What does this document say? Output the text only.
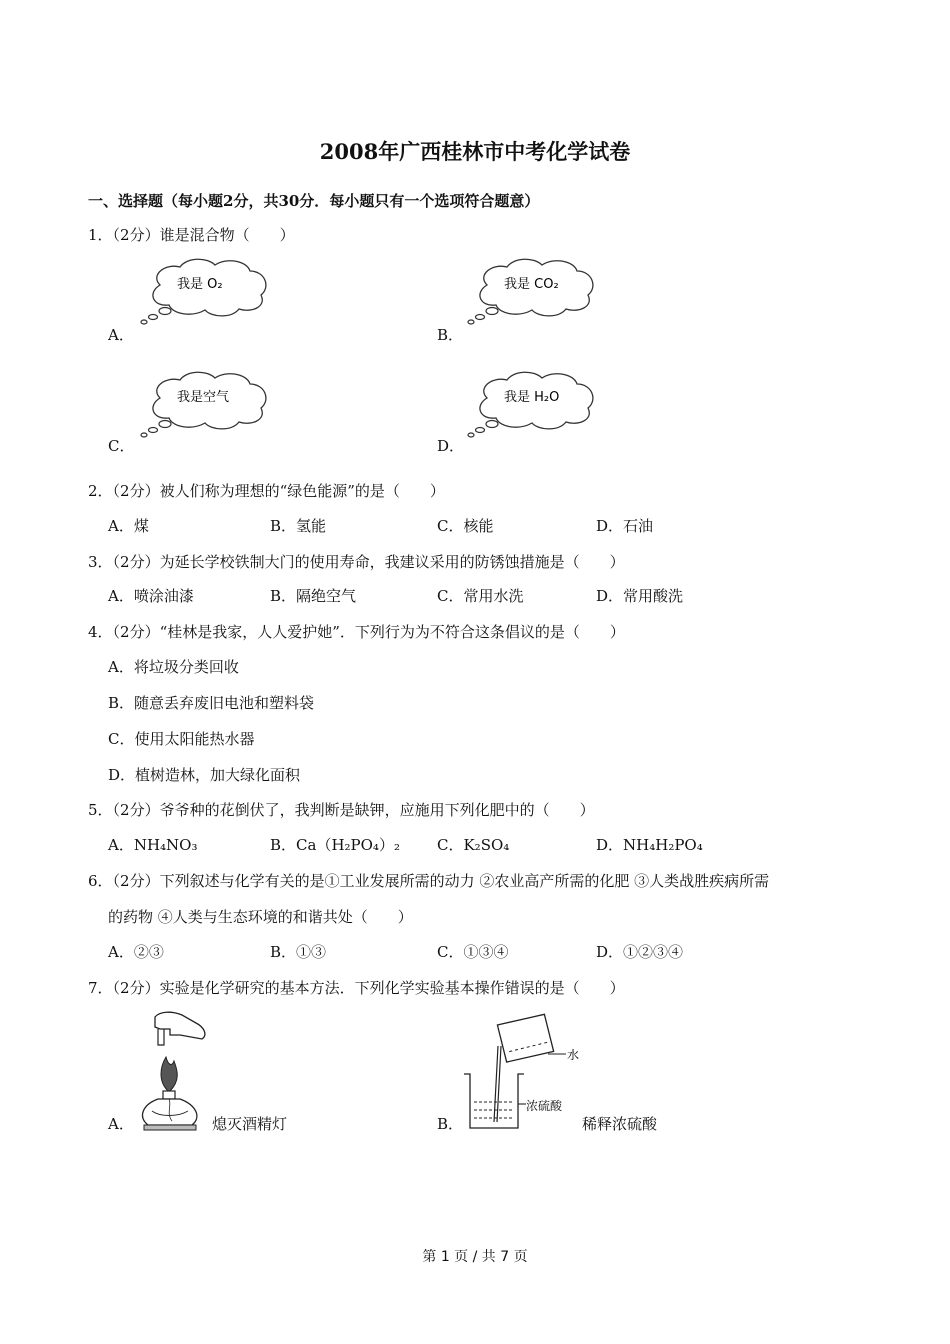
2008年广西桂林市中考化学试卷
一、选择题（每小题2分，共30分．每小题只有一个选项符合题意）
1．（2分）谁是混合物（　　）
A．
我是 O₂
B．
我是 CO₂
C．
我是空气
D．
我是 H₂O
2．（2分）被人们称为理想的“绿色能源”的是（　　）
A．煤	B．氢能	C．核能	D．石油
3．（2分）为延长学校铁制大门的使用寿命，我建议采用的防锈蚀措施是（　　）
A．喷涂油漆	B．隔绝空气	C．常用水洗	D．常用酸洗
4．（2分）“桂林是我家，人人爱护她”．下列行为为不符合这条倡议的是（　　）
A．将垃圾分类回收
B．随意丢弃废旧电池和塑料袋
C．使用太阳能热水器
D．植树造林，加大绿化面积
5．（2分）爷爷种的花倒伏了，我判断是缺钾，应施用下列化肥中的（　　）
A．NH₄NO₃	B．Ca（H₂PO₄）₂ C．K₂SO₄	D．NH₄H₂PO₄
6．（2分）下列叙述与化学有关的是①工业发展所需的动力 ②农业高产所需的化肥 ③人类战胜疾病所需
的药物 ④人类与生态环境的和谐共处（　　）
A．②③	B．①③	C．①③④	D．①②③④
7．（2分）实验是化学研究的基本方法．下列化学实验基本操作错误的是（　　）
A．	熄灭酒精灯	B．
水
浓硫酸
稀释浓硫酸
第 1 页 / 共 7 页
